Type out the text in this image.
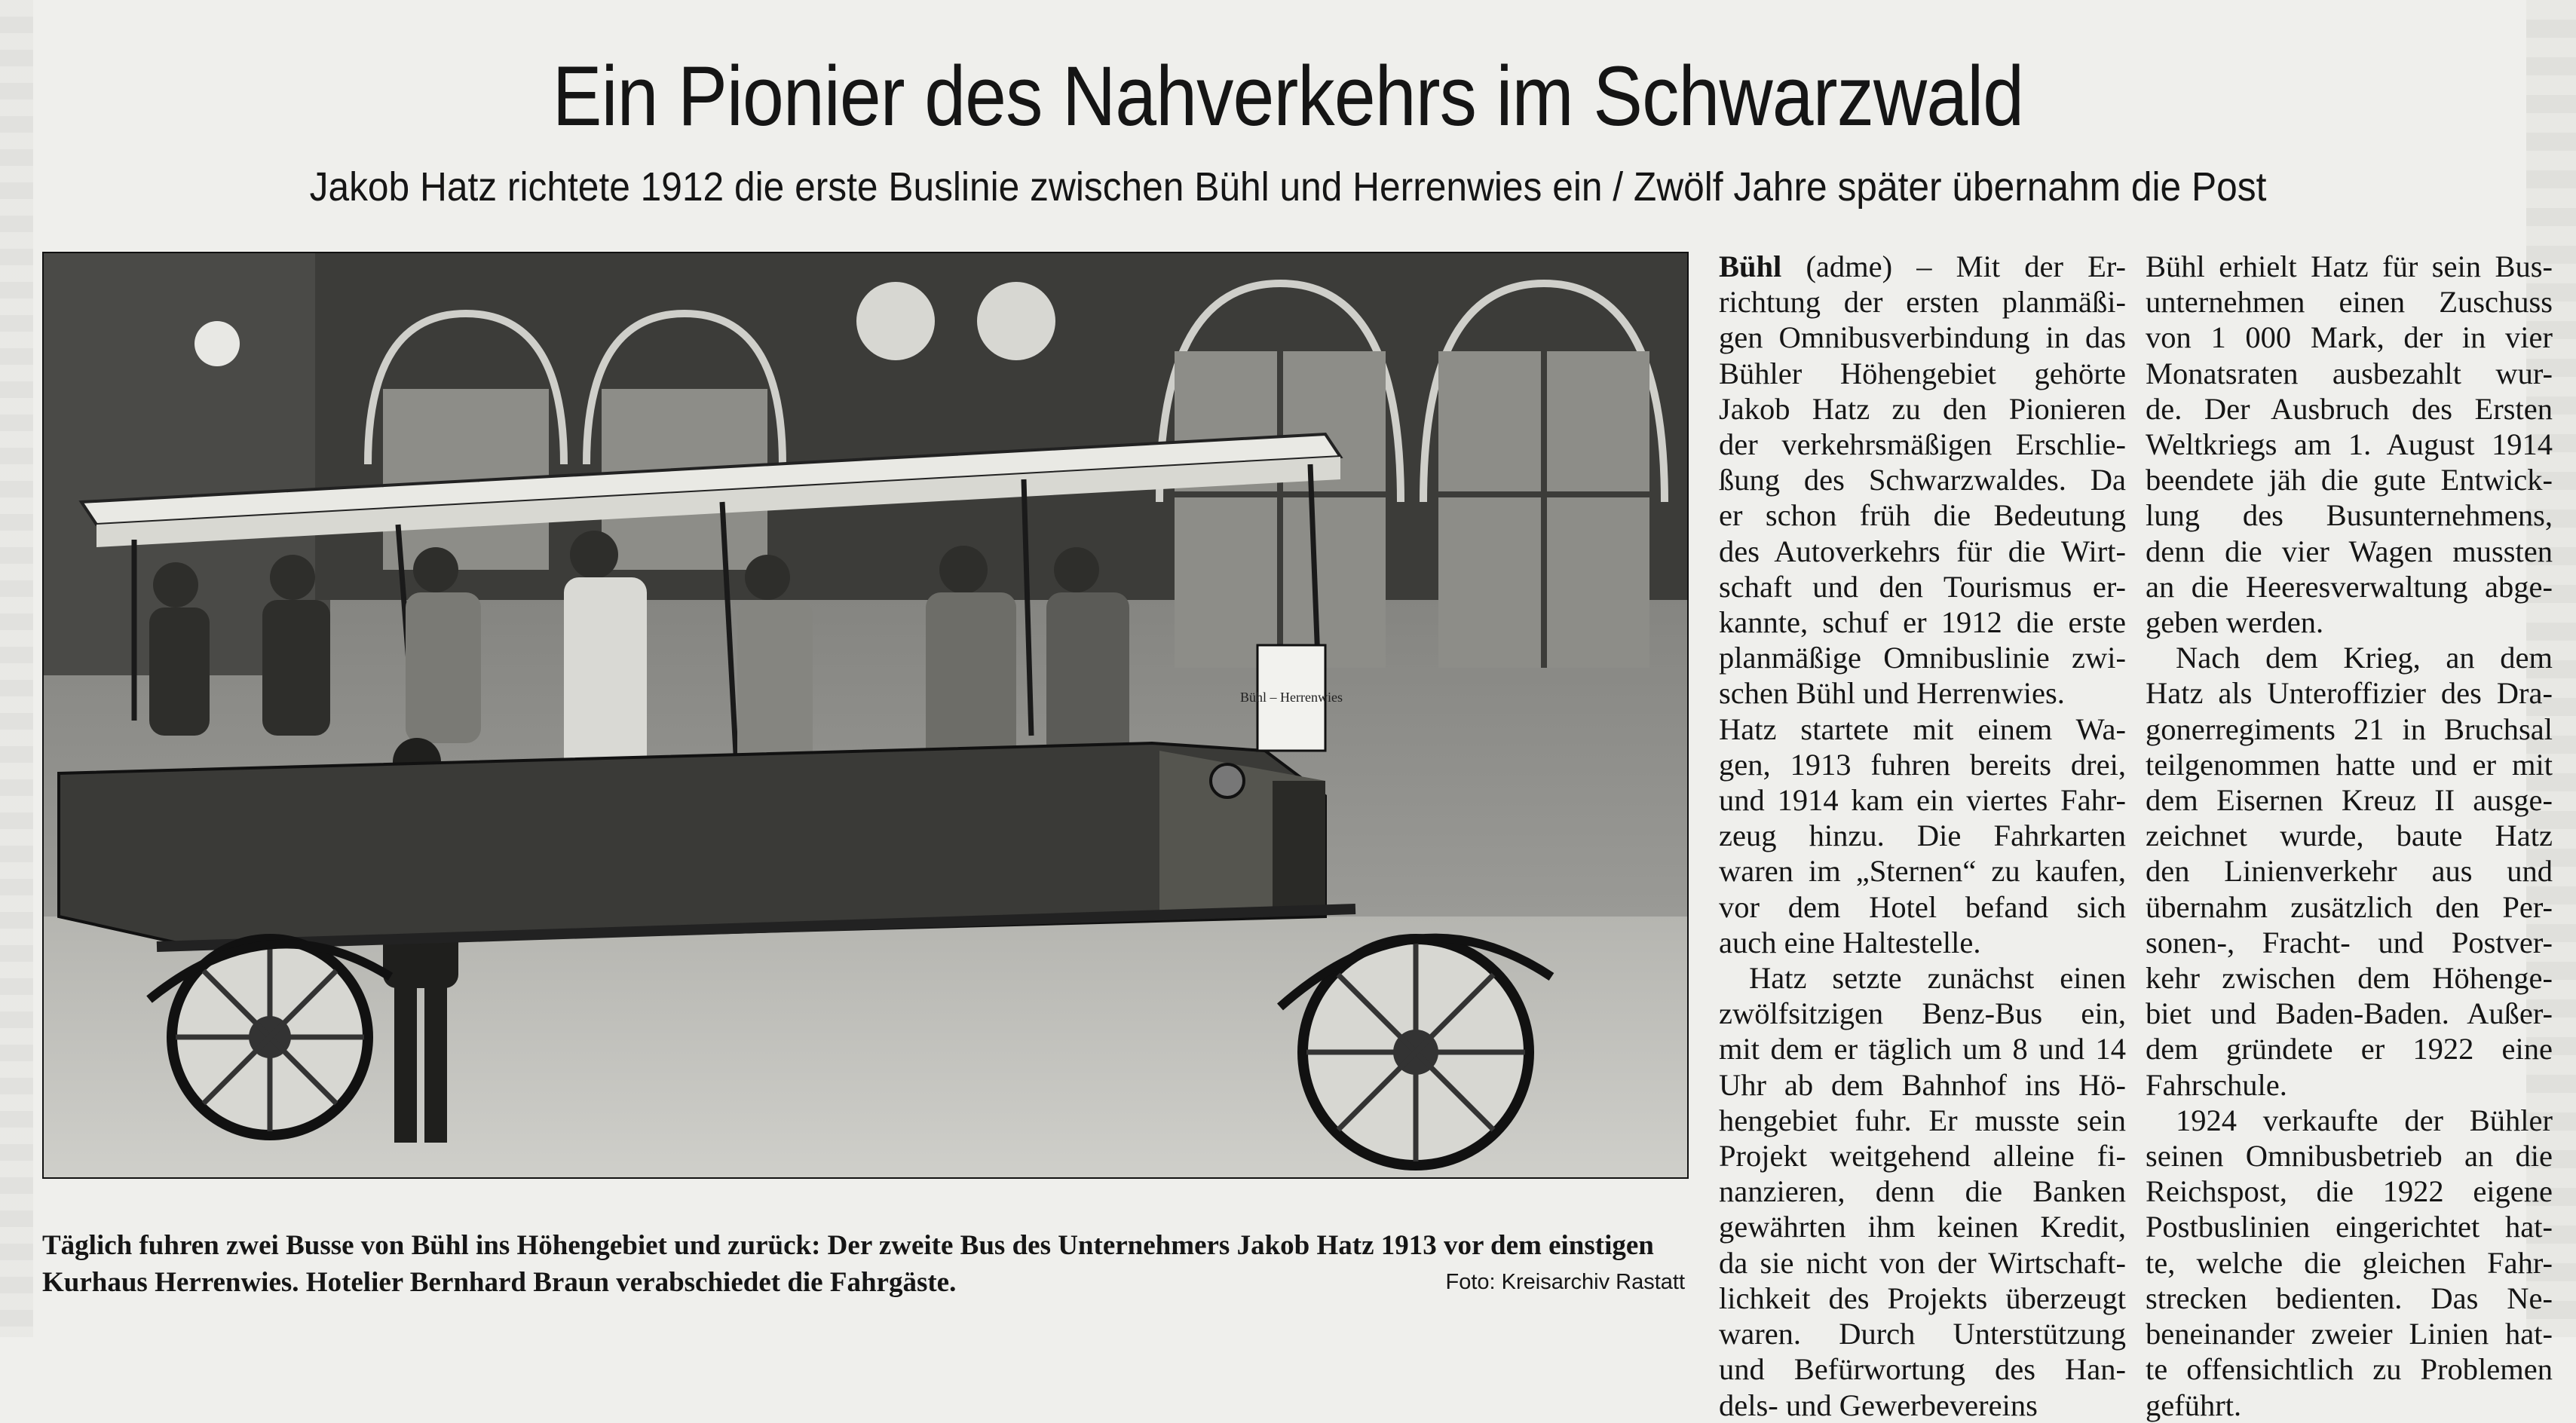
Ein Pionier des Nahverkehrs im Schwarzwald
Jakob Hatz richtete 1912 die erste Buslinie zwischen Bühl und Herrenwies ein / Zwölf Jahre später übernahm die Post
Bühl – Herrenwies
Täglich fuhren zwei Busse von Bühl ins Höhengebiet und zurück: Der zweite Bus des Unternehmers Jakob Hatz 1913 vor dem einstigen Kurhaus Herrenwies. Hotelier Bernhard Braun verabschiedet die Fahrgäste.	Foto: Kreisarchiv Rastatt
Bühl (adme) – Mit der Er-
richtung der ersten planmäßi-
gen Omnibusverbindung in das
Bühler Höhengebiet gehörte
Jakob Hatz zu den Pionieren
der verkehrsmäßigen Erschlie-
ßung des Schwarzwaldes. Da
er schon früh die Bedeutung
des Autoverkehrs für die Wirt-
schaft und den Tourismus er-
kannte, schuf er 1912 die erste
planmäßige Omnibuslinie zwi-
schen Bühl und Herrenwies.
Hatz startete mit einem Wa-
gen, 1913 fuhren bereits drei,
und 1914 kam ein viertes Fahr-
zeug hinzu. Die Fahrkarten
waren im „Sternen“ zu kaufen,
vor dem Hotel befand sich
auch eine Haltestelle.
Hatz setzte zunächst einen
zwölfsitzigen Benz-Bus ein,
mit dem er täglich um 8 und 14
Uhr ab dem Bahnhof ins Hö-
hengebiet fuhr. Er musste sein
Projekt weitgehend alleine fi-
nanzieren, denn die Banken
gewährten ihm keinen Kredit,
da sie nicht von der Wirtschaft-
lichkeit des Projekts überzeugt
waren. Durch Unterstützung
und Befürwortung des Han-
dels- und Gewerbevereins
Bühl erhielt Hatz für sein Bus-
unternehmen einen Zuschuss
von 1 000 Mark, der in vier
Monatsraten ausbezahlt wur-
de. Der Ausbruch des Ersten
Weltkriegs am 1. August 1914
beendete jäh die gute Entwick-
lung des Busunternehmens,
denn die vier Wagen mussten
an die Heeresverwaltung abge-
geben werden.
Nach dem Krieg, an dem
Hatz als Unteroffizier des Dra-
gonerregiments 21 in Bruchsal
teilgenommen hatte und er mit
dem Eisernen Kreuz II ausge-
zeichnet wurde, baute Hatz
den Linienverkehr aus und
übernahm zusätzlich den Per-
sonen-, Fracht- und Postver-
kehr zwischen dem Höhenge-
biet und Baden-Baden. Außer-
dem gründete er 1922 eine
Fahrschule.
1924 verkaufte der Bühler
seinen Omnibusbetrieb an die
Reichspost, die 1922 eigene
Postbuslinien eingerichtet hat-
te, welche die gleichen Fahr-
strecken bedienten. Das Ne-
beneinander zweier Linien hat-
te offensichtlich zu Problemen
geführt.
